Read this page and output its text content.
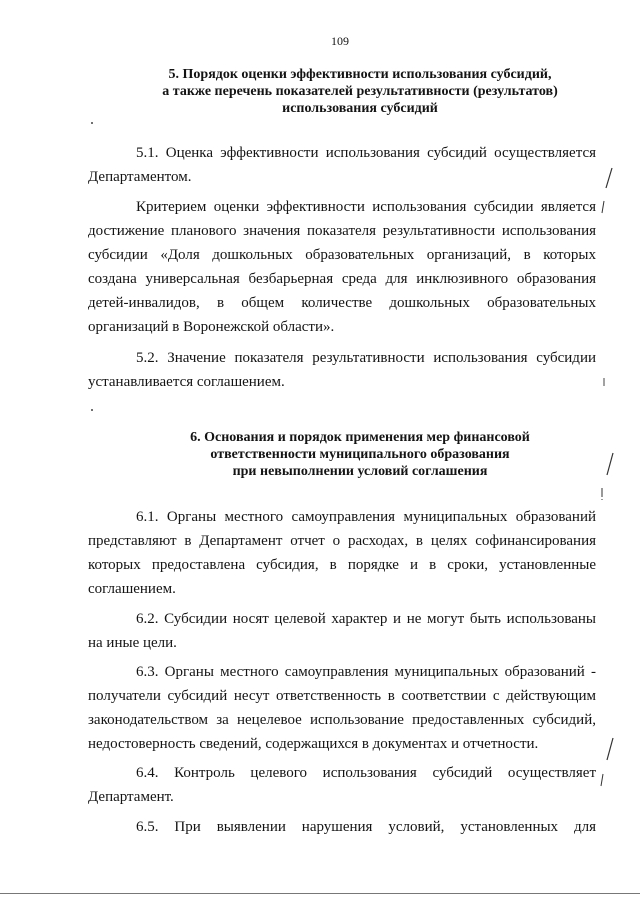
109
5. Порядок оценки эффективности использования субсидий,
а также перечень показателей результативности (результатов)
использования субсидий
5.1. Оценка эффективности использования субсидий осуществляется
Департаментом.
Критерием оценки эффективности использования субсидии является
достижение планового значения показателя результативности использования
субсидии «Доля дошкольных образовательных организаций, в которых
создана универсальная безбарьерная среда для инклюзивного образования
детей-инвалидов, в общем количестве дошкольных образовательных
организаций в Воронежской области».
5.2. Значение показателя результативности использования субсидии
устанавливается соглашением.
6. Основания и порядок применения мер финансовой
ответственности муниципального образования
при невыполнении условий соглашения
6.1. Органы местного самоуправления муниципальных образований
представляют в Департамент отчет о расходах, в целях софинансирования
которых предоставлена субсидия, в порядке и в сроки, установленные
соглашением.
6.2. Субсидии носят целевой характер и не могут быть использованы
на иные цели.
6.3. Органы местного самоуправления муниципальных образований -
получатели субсидий несут ответственность в соответствии с действующим
законодательством за нецелевое использование предоставленных субсидий,
недостоверность сведений, содержащихся в документах и отчетности.
6.4. Контроль целевого использования субсидий осуществляет
Департамент.
6.5. При выявлении нарушения условий, установленных для
